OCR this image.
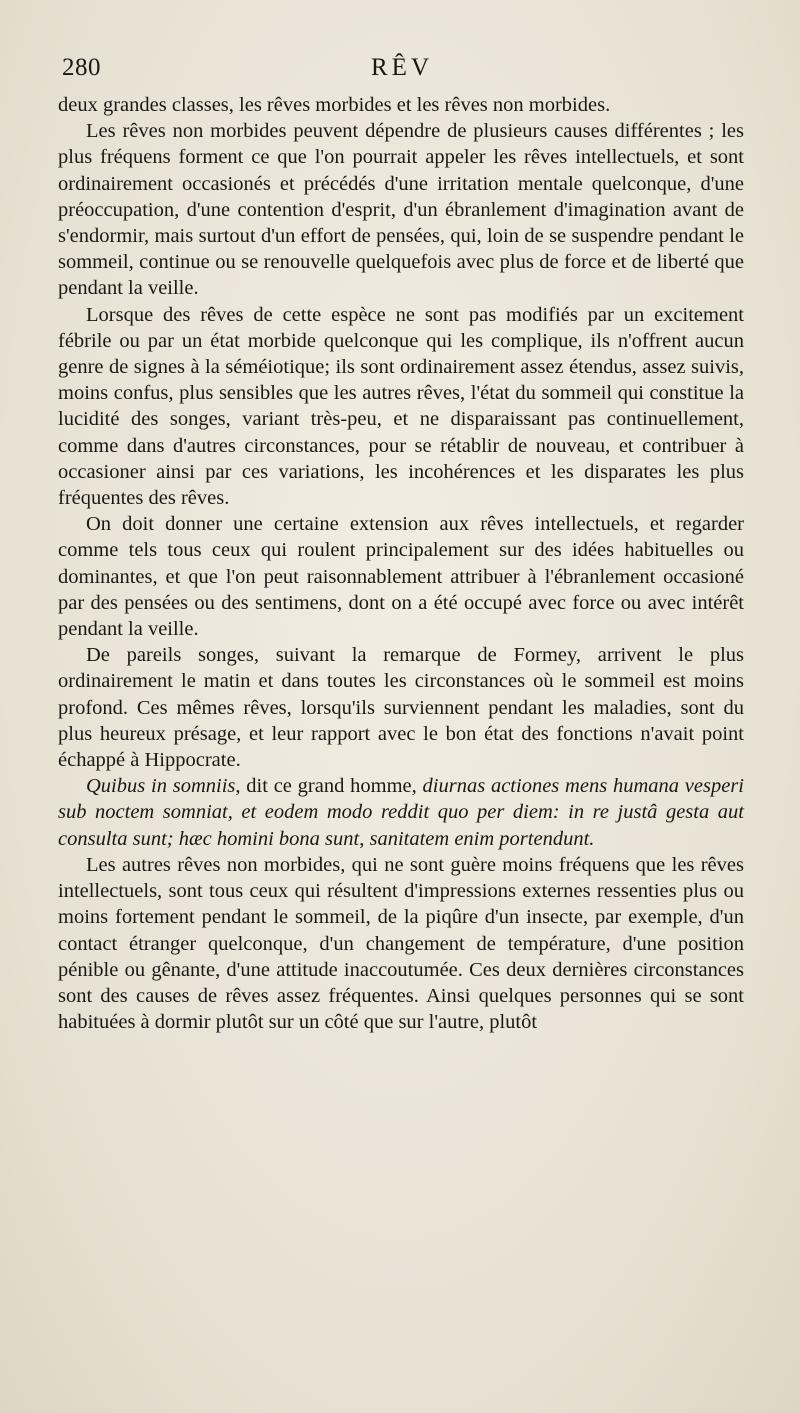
280	RÊV

deux grandes classes, les rêves morbides et les rêves non morbides.

Les rêves non morbides peuvent dépendre de plusieurs causes différentes ; les plus fréquens forment ce que l'on pourrait appeler les rêves intellectuels, et sont ordinairement occasionés et précédés d'une irritation mentale quelconque, d'une préoccupation, d'une contention d'esprit, d'un ébranlement d'imagination avant de s'endormir, mais surtout d'un effort de pensées, qui, loin de se suspendre pendant le sommeil, continue ou se renouvelle quelquefois avec plus de force et de liberté que pendant la veille.

Lorsque des rêves de cette espèce ne sont pas modifiés par un excitement fébrile ou par un état morbide quelconque qui les complique, ils n'offrent aucun genre de signes à la séméiotique; ils sont ordinairement assez étendus, assez suivis, moins confus, plus sensibles que les autres rêves, l'état du sommeil qui constitue la lucidité des songes, variant très-peu, et ne disparaissant pas continuellement, comme dans d'autres circonstances, pour se rétablir de nouveau, et contribuer à occasioner ainsi par ces variations, les incohérences et les disparates les plus fréquentes des rêves.

On doit donner une certaine extension aux rêves intellectuels, et regarder comme tels tous ceux qui roulent principalement sur des idées habituelles ou dominantes, et que l'on peut raisonnablement attribuer à l'ébranlement occasioné par des pensées ou des sentimens, dont on a été occupé avec force ou avec intérêt pendant la veille.

De pareils songes, suivant la remarque de Formey, arrivent le plus ordinairement le matin et dans toutes les circonstances où le sommeil est moins profond. Ces mêmes rêves, lorsqu'ils surviennent pendant les maladies, sont du plus heureux présage, et leur rapport avec le bon état des fonctions n'avait point échappé à Hippocrate.

Quibus in somniis, dit ce grand homme, diurnas actiones mens humana vesperi sub noctem somniat, et eodem modo reddit quo per diem: in re justâ gesta aut consulta sunt; hæc homini bona sunt, sanitatem enim portendunt.

Les autres rêves non morbides, qui ne sont guère moins fréquens que les rêves intellectuels, sont tous ceux qui résultent d'impressions externes ressenties plus ou moins fortement pendant le sommeil, de la piqûre d'un insecte, par exemple, d'un contact étranger quelconque, d'un changement de température, d'une position pénible ou gênante, d'une attitude inaccoutumée. Ces deux dernières circonstances sont des causes de rêves assez fréquentes. Ainsi quelques personnes qui se sont habituées à dormir plutôt sur un côté que sur l'autre, plutôt
